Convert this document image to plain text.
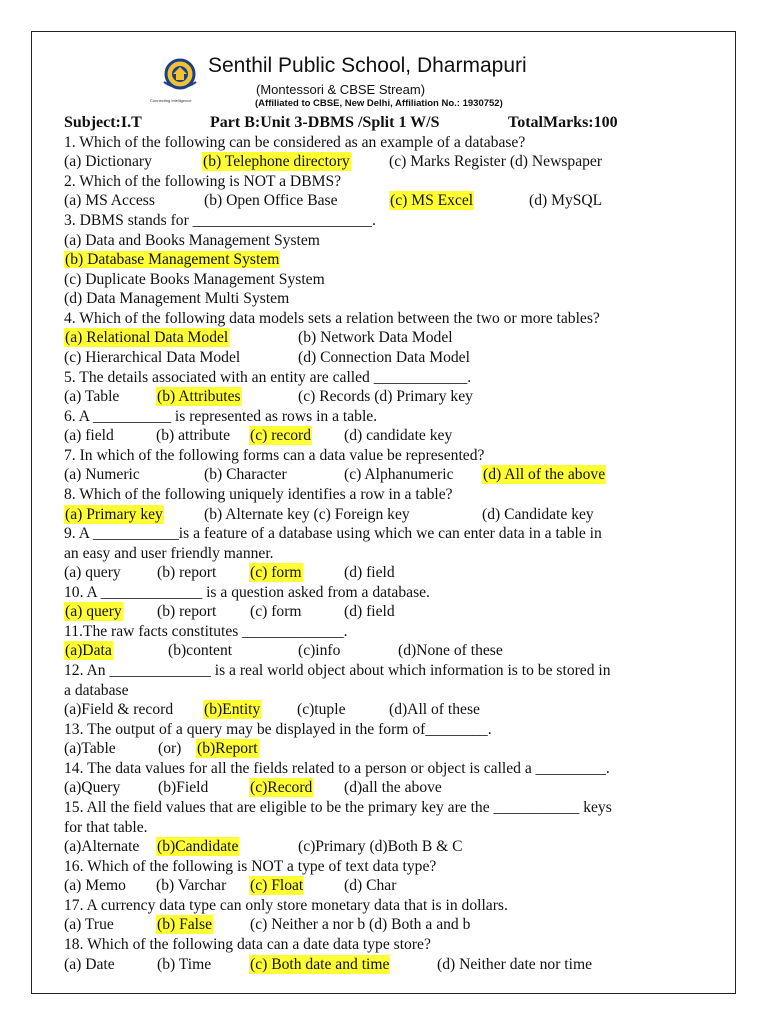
Connecting Intelligence
Senthil Public School, Dharmapuri
(Montessori & CBSE Stream)
(Affiliated to CBSE, New Delhi, Affiliation No.: 1930752)
Subject:I.T	Part B:Unit 3-DBMS /Split 1 W/S	TotalMarks:100
1. Which of the following can be considered as an example of a database?
(a) Dictionary	(b) Telephone directory	(c) Marks Register (d) Newspaper
2. Which of the following is NOT a DBMS?
(a) MS Access	(b) Open Office Base	(c) MS Excel	(d) MySQL
3. DBMS stands for _______________________.
(a) Data and Books Management System
(b) Database Management System
(c) Duplicate Books Management System
(d) Data Management Multi System
4. Which of the following data models sets a relation between the two or more tables?
(a) Relational Data Model	(b) Network Data Model
(c) Hierarchical Data Model	(d) Connection Data Model
5. The details associated with an entity are called ____________.
(a) Table (b) Attributes	(c) Records (d) Primary key
6. A __________ is represented as rows in a table.
(a) field	(b) attribute (c) record (d) candidate key
7. In which of the following forms can a data value be represented?
(a) Numeric	(b) Character	(c) Alphanumeric (d) All of the above
8. Which of the following uniquely identifies a row in a table?
(a) Primary key	(b) Alternate key (c) Foreign key	(d) Candidate key
9. A ___________is a feature of a database using which we can enter data in a table in
an easy and user friendly manner.
(a) query (b) report (c) form	(d) field
10. A _____________ is a question asked from a database.
(a) query (b) report (c) form	(d) field
11.The raw facts constitutes _____________.
(a)Data	(b)content	(c)info	(d)None of these
12. An _____________ is a real world object about which information is to be stored in
a database
(a)Field & record (b)Entity (c)tuple	(d)All of these
13. The output of a query may be displayed in the form of________.
(a)Table	(or) (b)Report
14. The data values for all the fields related to a person or object is called a _________.
(a)Query (b)Field	(c)Record (d)all the above
15. All the field values that are eligible to be the primary key are the ___________ keys
for that table.
(a)Alternate (b)Candidate	(c)Primary (d)Both B & C
16. Which of the following is NOT a type of text data type?
(a) Memo (b) Varchar (c) Float	(d) Char
17. A currency data type can only store monetary data that is in dollars.
(a) True	(b) False (c) Neither a nor b (d) Both a and b
18. Which of the following data can a date data type store?
(a) Date	(b) Time (c) Both date and time	(d) Neither date nor time
